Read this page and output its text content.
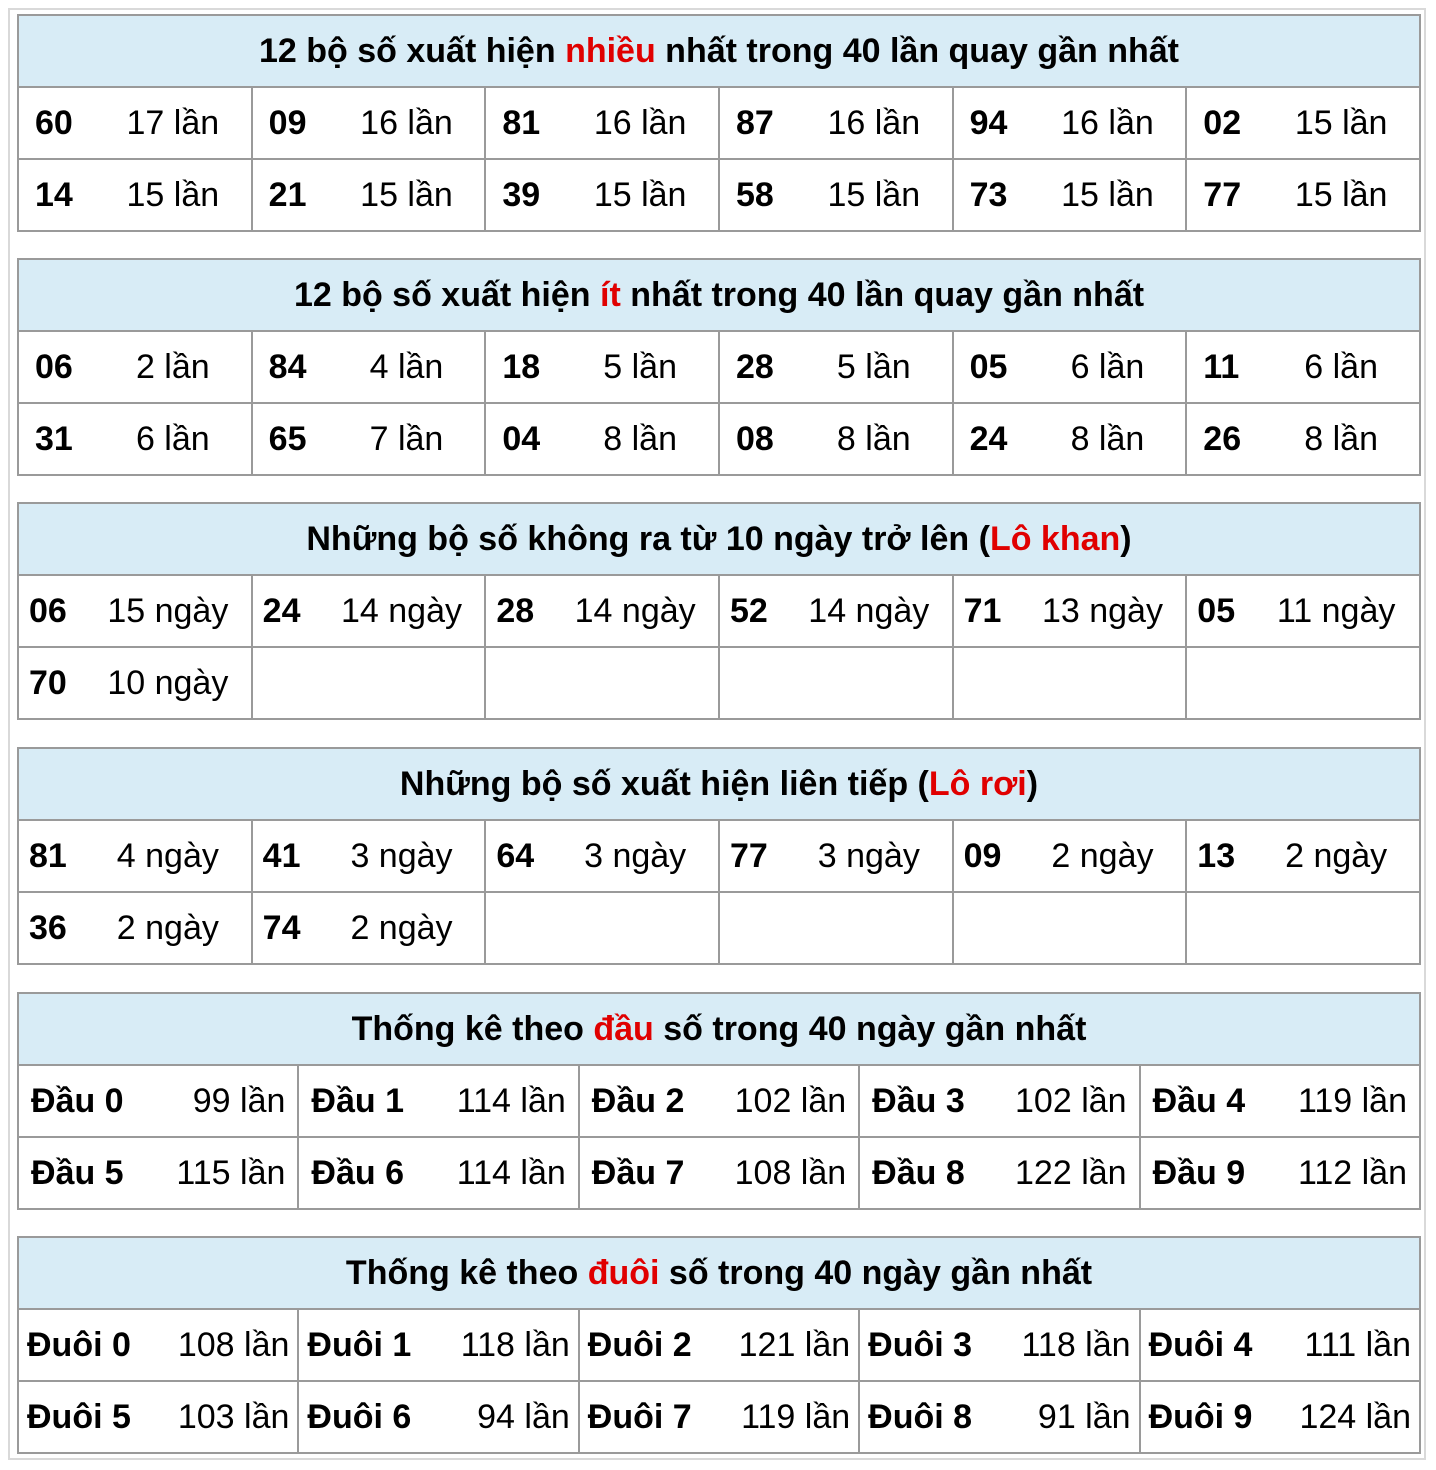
12 bộ số xuất hiện nhiều nhất trong 40 lần quay gần nhất					

60 17 lần	09 16 lần	81 16 lần	87 16 lần	94 16 lần	02 15 lần

14 15 lần	21 15 lần	39 15 lần	58 15 lần	73 15 lần	77 15 lần
12 bộ số xuất hiện ít nhất trong 40 lần quay gần nhất					

06 2 lần	84 4 lần	18 5 lần	28 5 lần	05 6 lần	11 6 lần

31 6 lần	65 7 lần	04 8 lần	08 8 lần	24 8 lần	26 8 lần
Những bộ số không ra từ 10 ngày trở lên (Lô khan)					

06 15 ngày	24 14 ngày	28 14 ngày	52 14 ngày	71 13 ngày	05 11 ngày

70 10 ngày					

Những bộ số xuất hiện liên tiếp (Lô rơi)					

81 4 ngày	41 3 ngày	64 3 ngày	77 3 ngày	09 2 ngày	13 2 ngày

36 2 ngày	74 2 ngày				

Thống kê theo đầu số trong 40 ngày gần nhất				

Đầu 0 99 lần	Đầu 1 114 lần	Đầu 2 102 lần	Đầu 3 102 lần	Đầu 4 119 lần

Đầu 5 115 lần	Đầu 6 114 lần	Đầu 7 108 lần	Đầu 8 122 lần	Đầu 9 112 lần
Thống kê theo đuôi số trong 40 ngày gần nhất				

Đuôi 0 108 lần	Đuôi 1 118 lần	Đuôi 2 121 lần	Đuôi 3 118 lần	Đuôi 4 111 lần

Đuôi 5 103 lần	Đuôi 6 94 lần	Đuôi 7 119 lần	Đuôi 8 91 lần	Đuôi 9 124 lần
